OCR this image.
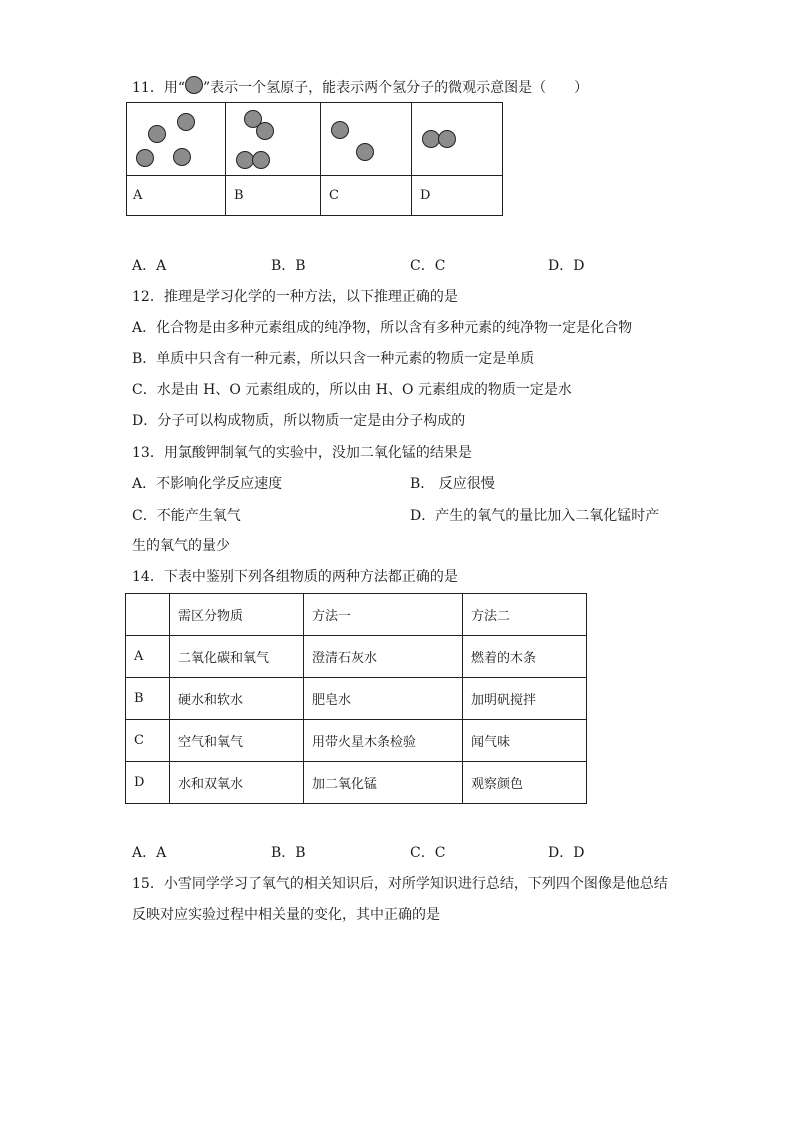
11．用“ ”表示一个氢原子，能表示两个氢分子的微观示意图是（　　）

A	B	C	D
A．A	B．B	C．C	D．D
12．推理是学习化学的一种方法，以下推理正确的是
A．化合物是由多种元素组成的纯净物，所以含有多种元素的纯净物一定是化合物
B．单质中只含有一种元素，所以只含一种元素的物质一定是单质
C．水是由 H、O 元素组成的，所以由 H、O 元素组成的物质一定是水
D．分子可以构成物质，所以物质一定是由分子构成的
13．用氯酸钾制氧气的实验中，没加二氧化锰的结果是
A．不影响化学反应速度	B． 反应很慢
C．不能产生氧气	D．产生的氧气的量比加入二氧化锰时产
生的氧气的量少
14．下表中鉴别下列各组物质的两种方法都正确的是
	需区分物质	方法一	方法二
A	二氧化碳和氧气	澄清石灰水	燃着的木条
B	硬水和软水	肥皂水	加明矾搅拌
C	空气和氧气	用带火星木条检验	闻气味
D	水和双氧水	加二氧化锰	观察颜色
A．A	B．B	C．C	D．D
15．小雪同学学习了氧气的相关知识后，对所学知识进行总结，下列四个图像是他总结
反映对应实验过程中相关量的变化，其中正确的是
